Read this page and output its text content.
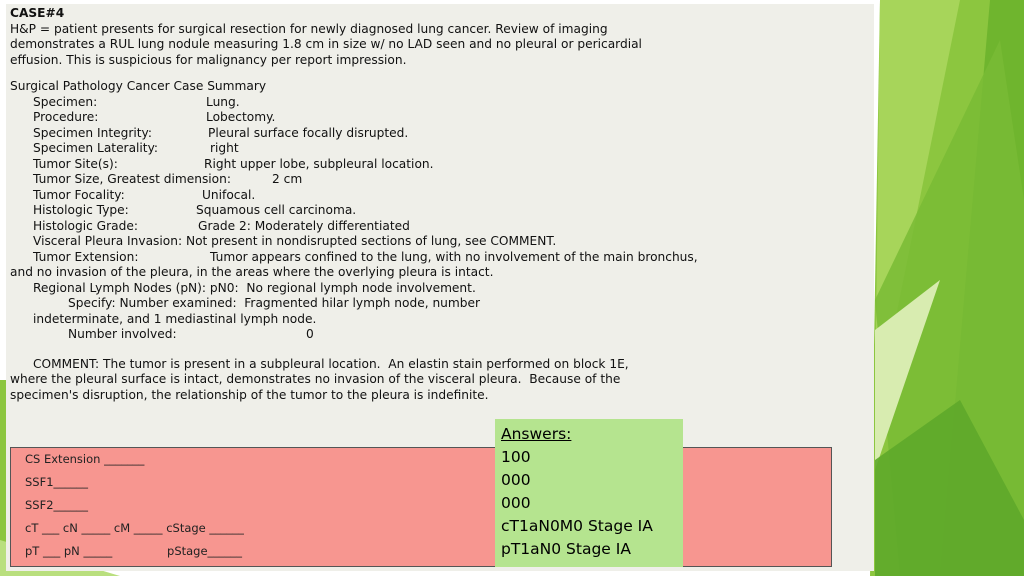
CASE#4
H&P = patient presents for surgical resection for newly diagnosed lung cancer. Review of imaging
demonstrates a RUL lung nodule measuring 1.8 cm in size w/ no LAD seen and no pleural or pericardial
effusion. This is suspicious for malignancy per report impression.
Surgical Pathology Cancer Case Summary
Specimen:	Lung.
Procedure:	Lobectomy.
Specimen Integrity:	Pleural surface focally disrupted.
Specimen Laterality:	right
Tumor Site(s):	Right upper lobe, subpleural location.
Tumor Size, Greatest dimension:	2 cm
Tumor Focality:	Unifocal.
Histologic Type:	Squamous cell carcinoma.
Histologic Grade:	Grade 2: Moderately differentiated
Visceral Pleura Invasion: Not present in nondisrupted sections of lung, see COMMENT.
Tumor Extension:	Tumor appears confined to the lung, with no involvement of the main bronchus,
and no invasion of the pleura, in the areas where the overlying pleura is intact.
Regional Lymph Nodes (pN): pN0:  No regional lymph node involvement.
Specify: Number examined:  Fragmented hilar lymph node, number
indeterminate, and 1 mediastinal lymph node.
Number involved:	0
COMMENT: The tumor is present in a subpleural location.  An elastin stain performed on block 1E,
where the pleural surface is intact, demonstrates no invasion of the visceral pleura.  Because of the
specimen's disruption, the relationship of the tumor to the pleura is indefinite.
CS Extension _______
SSF1______
SSF2______
cT ___ cN _____ cM _____ cStage ______
pT ___ pN _____               pStage______
Answers:
100
000
000
cT1aN0M0 Stage IA
pT1aN0 Stage IA
